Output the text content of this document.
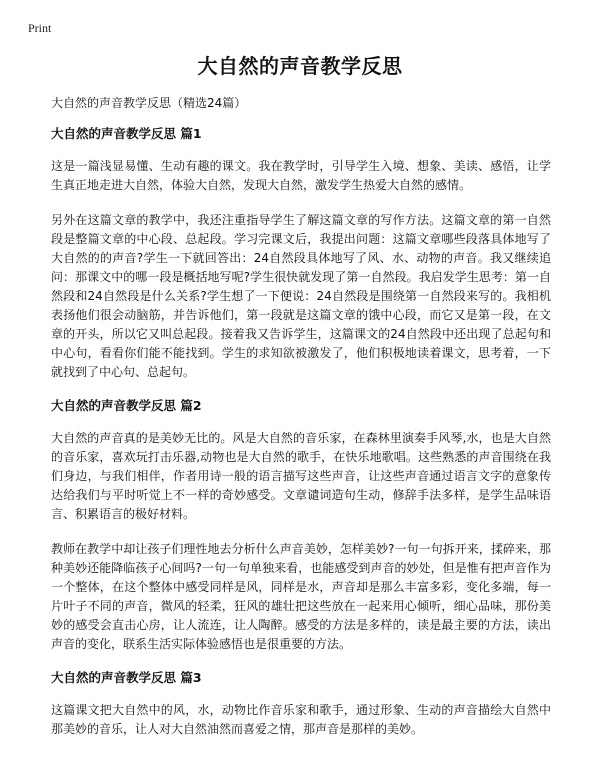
Print
大自然的声音教学反思

大自然的声音教学反思（精选24篇）

大自然的声音教学反思 篇1

这是一篇浅显易懂、生动有趣的课文。我在教学时，引导学生入境、想象、美读、感悟，让学生真正地走进大自然，体验大自然，发现大自然，激发学生热爱大自然的感情。

另外在这篇文章的教学中，我还注重指导学生了解这篇文章的写作方法。这篇文章的第一自然段是整篇文章的中心段、总起段。学习完课文后，我提出问题：这篇文章哪些段落具体地写了大自然的的声音?学生一下就回答出：24自然段具体地写了风、水、动物的声音。我又继续追问：那课文中的哪一段是概括地写呢?学生很快就发现了第一自然段。我启发学生思考：第一自然段和24自然段是什么关系?学生想了一下便说：24自然段是围绕第一自然段来写的。我相机表扬他们很会动脑筋，并告诉他们，第一段就是这篇文章的饿中心段，而它又是第一段，在文章的开头，所以它又叫总起段。接着我又告诉学生，这篇课文的24自然段中还出现了总起句和中心句，看看你们能不能找到。学生的求知欲被激发了，他们积极地读着课文，思考着，一下就找到了中心句、总起句。

大自然的声音教学反思 篇2

大自然的声音真的是美妙无比的。风是大自然的音乐家，在森林里演奏手风琴,水，也是大自然的音乐家，喜欢玩打击乐器,动物也是大自然的歌手，在快乐地歌唱。这些熟悉的声音围绕在我们身边，与我们相伴，作者用诗一般的语言描写这些声音，让这些声音通过语言文字的意象传达给我们与平时听觉上不一样的奇妙感受。文章谴词造句生动，修辞手法多样，是学生品味语言、积累语言的极好材料。

教师在教学中却让孩子们理性地去分析什么声音美妙，怎样美妙?一句一句拆开来，揉碎来，那种美妙还能降临孩子心间吗?一句一句单独来看，也能感受到声音的妙处，但是惟有把声音作为一个整体，在这个整体中感受同样是风，同样是水，声音却是那么丰富多彩，变化多端，每一片叶子不同的声音，微风的轻柔，狂风的雄壮把这些放在一起来用心倾听，细心品味，那份美妙的感受会直击心房，让人流连，让人陶醉。感受的方法是多样的，读是最主要的方法，读出声音的变化，联系生活实际体验感悟也是很重要的方法。

大自然的声音教学反思 篇3

这篇课文把大自然中的风，水，动物比作音乐家和歌手，通过形象、生动的声音描绘大自然中那美妙的音乐，让人对大自然油然而喜爱之情，那声音是那样的美妙。
